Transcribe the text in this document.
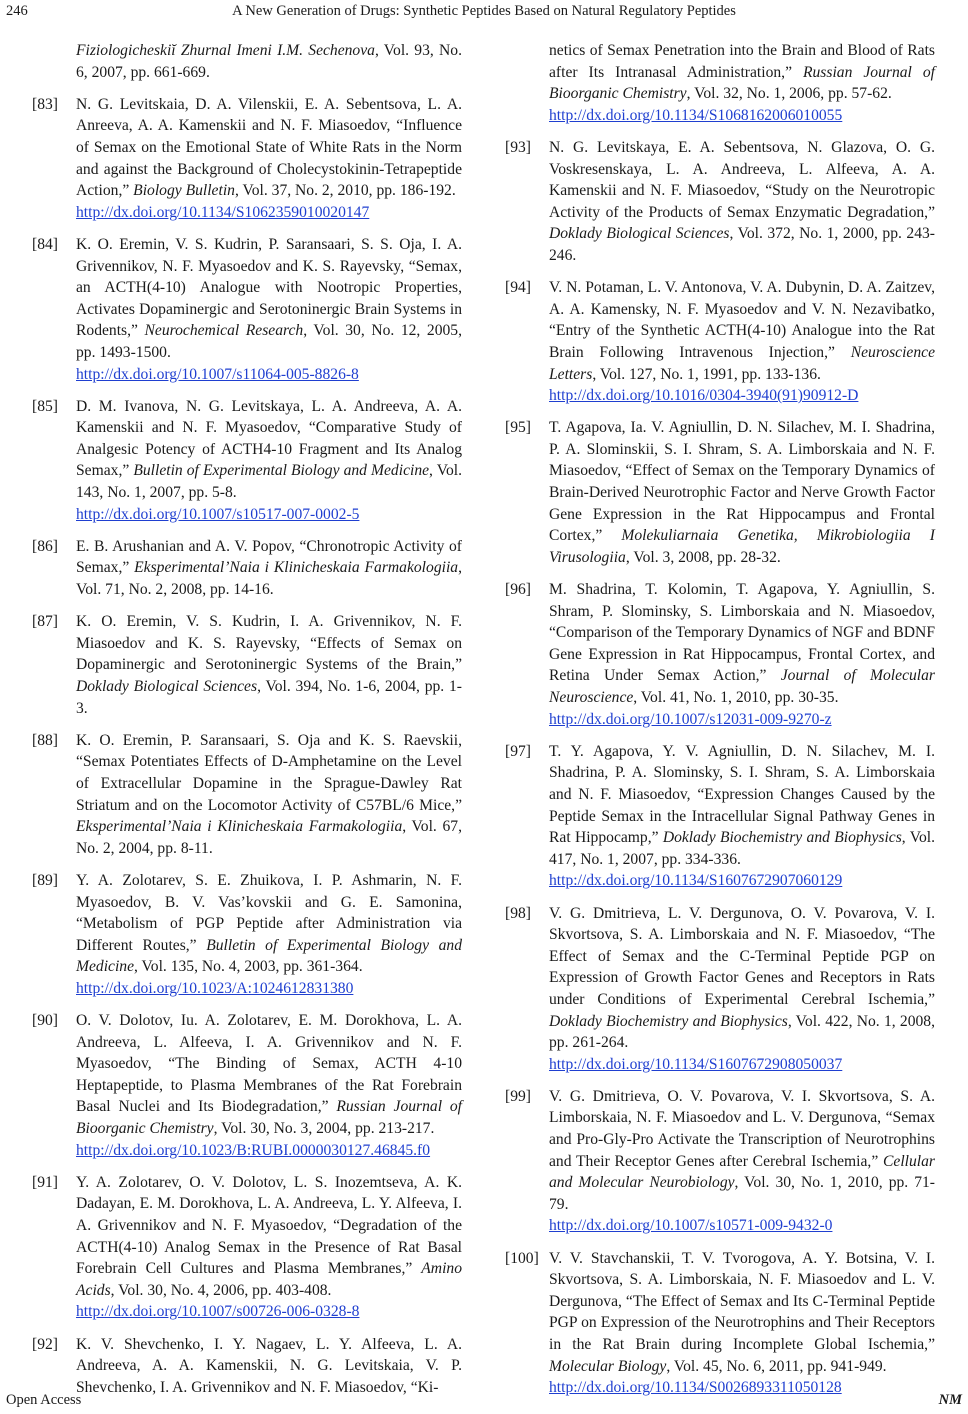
246	A New Generation of Drugs: Synthetic Peptides Based on Natural Regulatory Peptides
Fiziologicheskiĭ Zhurnal Imeni I.M. Sechenova, Vol. 93, No. 6, 2007, pp. 661-669.
[83] N. G. Levitskaia, D. A. Vilenskii, E. A. Sebentsova, L. A. Anreeva, A. A. Kamenskii and N. F. Miasoedov, “Influence of Semax on the Emotional State of White Rats in the Norm and against the Background of Cholecystokinin-Tetrapeptide Action,” Biology Bulletin, Vol. 37, No. 2, 2010, pp. 186-192.
http://dx.doi.org/10.1134/S1062359010020147
[84] K. O. Eremin, V. S. Kudrin, P. Saransaari, S. S. Oja, I. A. Grivennikov, N. F. Myasoedov and K. S. Rayevsky, “Semax, an ACTH(4-10) Analogue with Nootropic Properties, Activates Dopaminergic and Serotoninergic Brain Systems in Rodents,” Neurochemical Research, Vol. 30, No. 12, 2005, pp. 1493-1500.
http://dx.doi.org/10.1007/s11064-005-8826-8
[85] D. M. Ivanova, N. G. Levitskaya, L. A. Andreeva, A. A. Kamenskii and N. F. Myasoedov, “Comparative Study of Analgesic Potency of ACTH4-10 Fragment and Its Analog Semax,” Bulletin of Experimental Biology and Medicine, Vol. 143, No. 1, 2007, pp. 5-8.
http://dx.doi.org/10.1007/s10517-007-0002-5
[86] E. B. Arushanian and A. V. Popov, “Chronotropic Activity of Semax,” Eksperimental’Naia i Klinicheskaia Farmakologiia, Vol. 71, No. 2, 2008, pp. 14-16.
[87] K. O. Eremin, V. S. Kudrin, I. A. Grivennikov, N. F. Miasoedov and K. S. Rayevsky, “Effects of Semax on Dopaminergic and Serotoninergic Systems of the Brain,” Doklady Biological Sciences, Vol. 394, No. 1-6, 2004, pp. 1-3.
[88] K. O. Eremin, P. Saransaari, S. Oja and K. S. Raevskii, “Semax Potentiates Effects of D-Amphetamine on the Level of Extracellular Dopamine in the Sprague-Dawley Rat Striatum and on the Locomotor Activity of C57BL/6 Mice,” Eksperimental’Naia i Klinicheskaia Farmakologiia, Vol. 67, No. 2, 2004, pp. 8-11.
[89] Y. A. Zolotarev, S. E. Zhuikova, I. P. Ashmarin, N. F. Myasoedov, B. V. Vas’kovskii and G. E. Samonina, “Metabolism of PGP Peptide after Administration via Different Routes,” Bulletin of Experimental Biology and Medicine, Vol. 135, No. 4, 2003, pp. 361-364.
http://dx.doi.org/10.1023/A:1024612831380
[90] O. V. Dolotov, Iu. A. Zolotarev, E. M. Dorokhova, L. A. Andreeva, L. Alfeeva, I. A. Grivennikov and N. F. Myasoedov, “The Binding of Semax, ACTH 4-10 Heptapeptide, to Plasma Membranes of the Rat Forebrain Basal Nuclei and Its Biodegradation,” Russian Journal of Bioorganic Chemistry, Vol. 30, No. 3, 2004, pp. 213-217.
http://dx.doi.org/10.1023/B:RUBI.0000030127.46845.f0
[91] Y. A. Zolotarev, O. V. Dolotov, L. S. Inozemtseva, A. K. Dadayan, E. M. Dorokhova, L. A. Andreeva, L. Y. Alfeeva, I. A. Grivennikov and N. F. Myasoedov, “Degradation of the ACTH(4-10) Analog Semax in the Presence of Rat Basal Forebrain Cell Cultures and Plasma Membranes,” Amino Acids, Vol. 30, No. 4, 2006, pp. 403-408.
http://dx.doi.org/10.1007/s00726-006-0328-8
[92] K. V. Shevchenko, I. Y. Nagaev, L. Y. Alfeeva, L. A. Andreeva, A. A. Kamenskii, N. G. Levitskaia, V. P. Shevchenko, I. A. Grivennikov and N. F. Miasoedov, “Ki-
netics of Semax Penetration into the Brain and Blood of Rats after Its Intranasal Administration,” Russian Journal of Bioorganic Chemistry, Vol. 32, No. 1, 2006, pp. 57-62.
http://dx.doi.org/10.1134/S1068162006010055
[93] N. G. Levitskaya, E. A. Sebentsova, N. Glazova, O. G. Voskresenskaya, L. A. Andreeva, L. Alfeeva, A. A. Kamenskii and N. F. Miasoedov, “Study on the Neurotropic Activity of the Products of Semax Enzymatic Degradation,” Doklady Biological Sciences, Vol. 372, No. 1, 2000, pp. 243-246.
[94] V. N. Potaman, L. V. Antonova, V. A. Dubynin, D. A. Zaitzev, A. A. Kamensky, N. F. Myasoedov and V. N. Nezavibatko, “Entry of the Synthetic ACTH(4-10) Analogue into the Rat Brain Following Intravenous Injection,” Neuroscience Letters, Vol. 127, No. 1, 1991, pp. 133-136.
http://dx.doi.org/10.1016/0304-3940(91)90912-D
[95] T. Agapova, Ia. V. Agniullin, D. N. Silachev, M. I. Shadrina, P. A. Slominskii, S. I. Shram, S. A. Limborskaia and N. F. Miasoedov, “Effect of Semax on the Temporary Dynamics of Brain-Derived Neurotrophic Factor and Nerve Growth Factor Gene Expression in the Rat Hippocampus and Frontal Cortex,” Molekuliarnaia Genetika, Mikrobiologiia I Virusologiia, Vol. 3, 2008, pp. 28-32.
[96] M. Shadrina, T. Kolomin, T. Agapova, Y. Agniullin, S. Shram, P. Slominsky, S. Limborskaia and N. Miasoedov, “Comparison of the Temporary Dynamics of NGF and BDNF Gene Expression in Rat Hippocampus, Frontal Cortex, and Retina Under Semax Action,” Journal of Molecular Neuroscience, Vol. 41, No. 1, 2010, pp. 30-35.
http://dx.doi.org/10.1007/s12031-009-9270-z
[97] T. Y. Agapova, Y. V. Agniullin, D. N. Silachev, M. I. Shadrina, P. A. Slominsky, S. I. Shram, S. A. Limborskaia and N. F. Miasoedov, “Expression Changes Caused by the Peptide Semax in the Intracellular Signal Pathway Genes in Rat Hippocamp,” Doklady Biochemistry and Biophysics, Vol. 417, No. 1, 2007, pp. 334-336.
http://dx.doi.org/10.1134/S1607672907060129
[98] V. G. Dmitrieva, L. V. Dergunova, O. V. Povarova, V. I. Skvortsova, S. A. Limborskaia and N. F. Miasoedov, “The Effect of Semax and the C-Terminal Peptide PGP on Expression of Growth Factor Genes and Receptors in Rats under Conditions of Experimental Cerebral Ischemia,” Doklady Biochemistry and Biophysics, Vol. 422, No. 1, 2008, pp. 261-264.
http://dx.doi.org/10.1134/S1607672908050037
[99] V. G. Dmitrieva, O. V. Povarova, V. I. Skvortsova, S. A. Limborskaia, N. F. Miasoedov and L. V. Dergunova, “Semax and Pro-Gly-Pro Activate the Transcription of Neurotrophins and Their Receptor Genes after Cerebral Ischemia,” Cellular and Molecular Neurobiology, Vol. 30, No. 1, 2010, pp. 71-79.
http://dx.doi.org/10.1007/s10571-009-9432-0
[100] V. V. Stavchanskii, T. V. Tvorogova, A. Y. Botsina, V. I. Skvortsova, S. A. Limborskaia, N. F. Miasoedov and L. V. Dergunova, “The Effect of Semax and Its C-Terminal Peptide PGP on Expression of the Neurotrophins and Their Receptors in the Rat Brain during Incomplete Global Ischemia,” Molecular Biology, Vol. 45, No. 6, 2011, pp. 941-949.
http://dx.doi.org/10.1134/S0026893311050128
Open Access	NM
